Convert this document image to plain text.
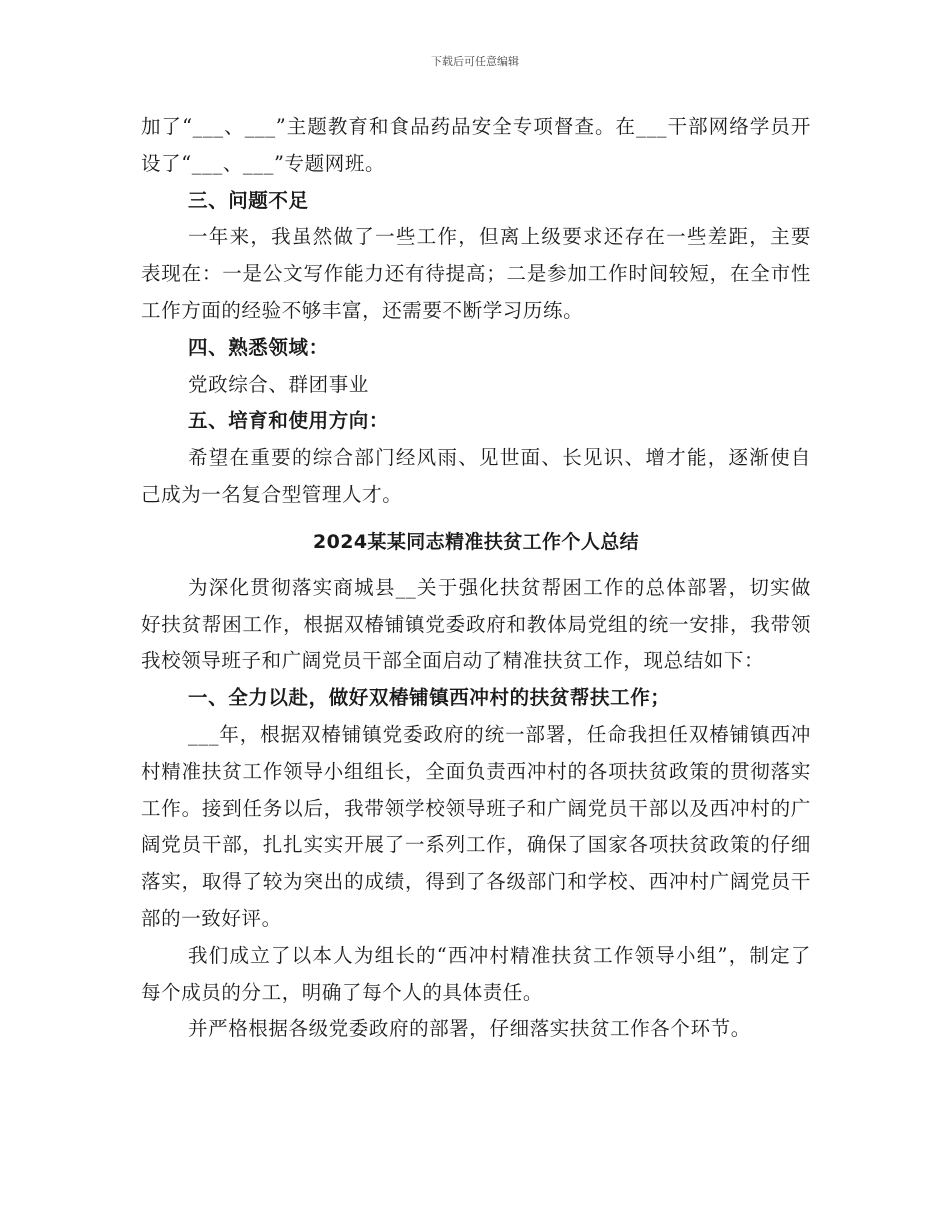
下载后可任意编辑

加了“___、___”主题教育和食品药品安全专项督查。在___干部网络学员开设了“___、___”专题网班。

三、问题不足

一年来，我虽然做了一些工作，但离上级要求还存在一些差距，主要表现在：一是公文写作能力还有待提高；二是参加工作时间较短，在全市性工作方面的经验不够丰富，还需要不断学习历练。

四、熟悉领域：

党政综合、群团事业

五、培育和使用方向：

希望在重要的综合部门经风雨、见世面、长见识、增才能，逐渐使自己成为一名复合型管理人才。

2024某某同志精准扶贫工作个人总结

为深化贯彻落实商城县__关于强化扶贫帮困工作的总体部署，切实做好扶贫帮困工作，根据双椿铺镇党委政府和教体局党组的统一安排，我带领我校领导班子和广阔党员干部全面启动了精准扶贫工作，现总结如下：

一、全力以赴，做好双椿铺镇西冲村的扶贫帮扶工作；

___年，根据双椿铺镇党委政府的统一部署，任命我担任双椿铺镇西冲村精准扶贫工作领导小组组长，全面负责西冲村的各项扶贫政策的贯彻落实工作。接到任务以后，我带领学校领导班子和广阔党员干部以及西冲村的广阔党员干部，扎扎实实开展了一系列工作，确保了国家各项扶贫政策的仔细落实，取得了较为突出的成绩，得到了各级部门和学校、西冲村广阔党员干部的一致好评。

我们成立了以本人为组长的“西冲村精准扶贫工作领导小组”，制定了每个成员的分工，明确了每个人的具体责任。

并严格根据各级党委政府的部署，仔细落实扶贫工作各个环节。
